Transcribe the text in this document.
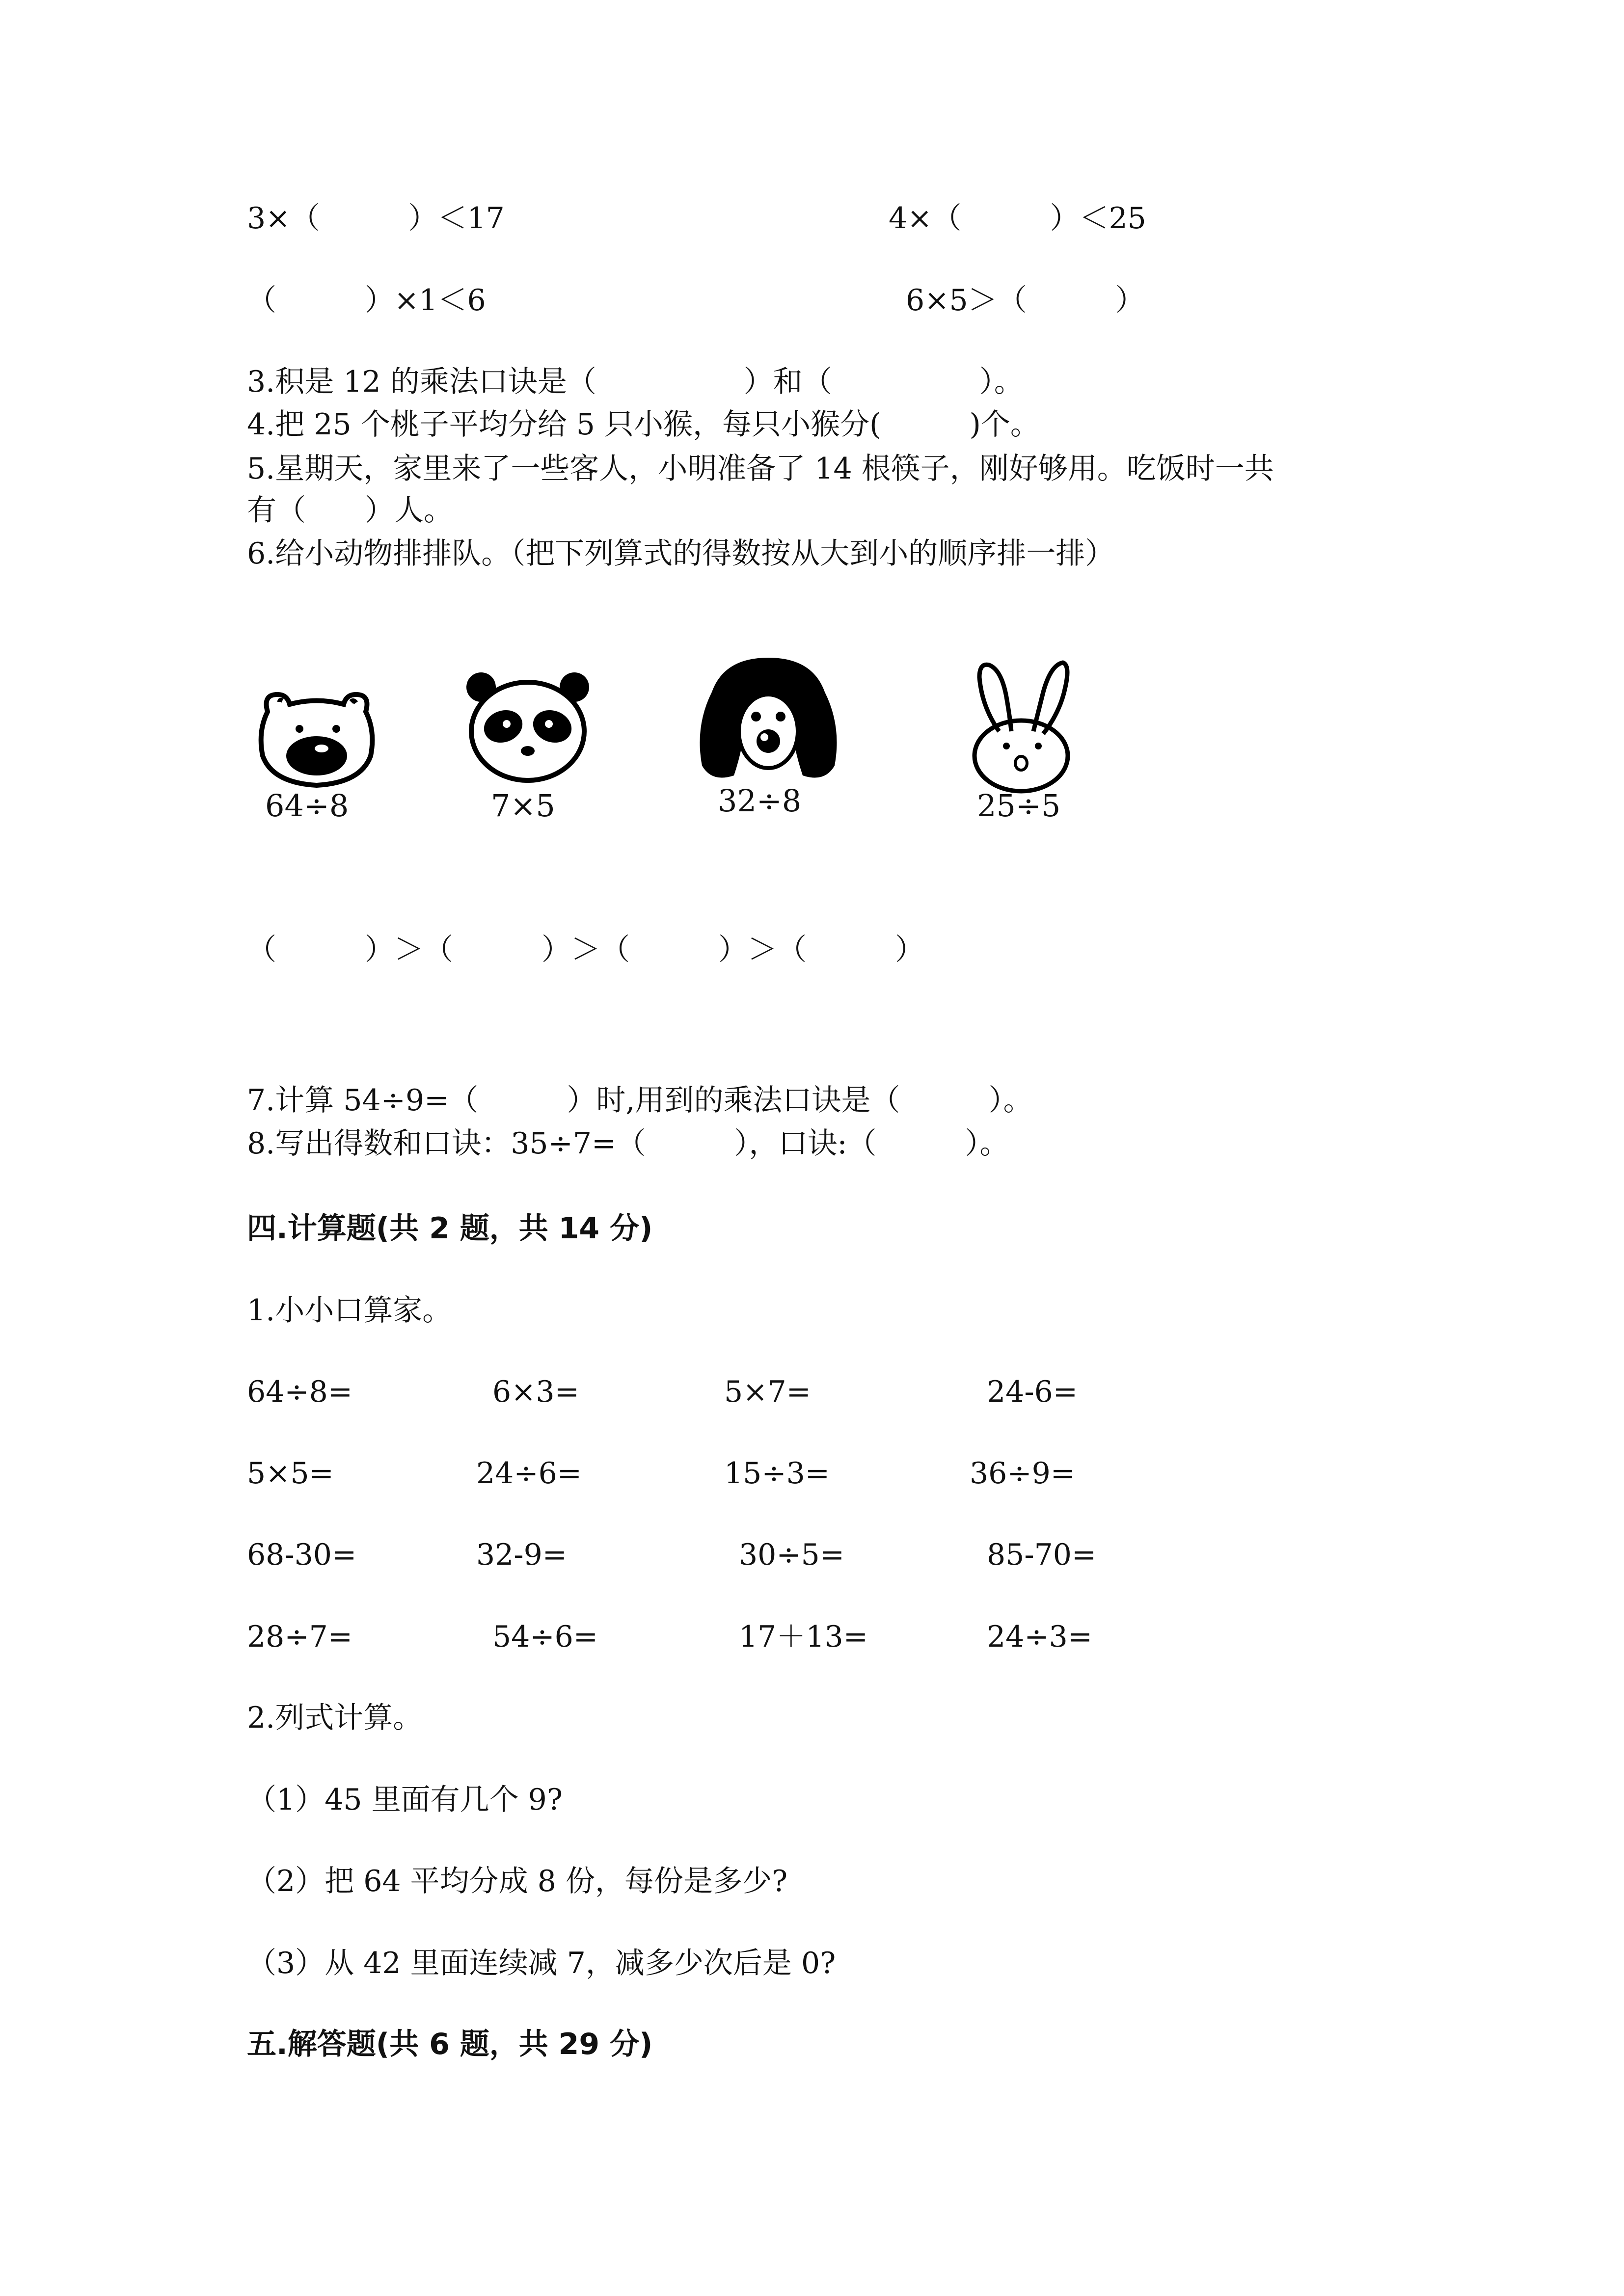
3×（　　　）＜17	4×（　　　）＜25
（　　　）×1＜6	6×5＞（　　　）
3.积是 12 的乘法口诀是（　　　　　）和（　　　　　）。
4.把 25 个桃子平均分给 5 只小猴，每只小猴分(　　　)个。
5.星期天，家里来了一些客人，小明准备了 14 根筷子，刚好够用。吃饭时一共
有（　　）人。
6.给小动物排排队。（把下列算式的得数按从大到小的顺序排一排）
64÷8	7×5	32÷8	25÷5
（　　　）＞（　　　）＞（　　　）＞（　　　）
7.计算 54÷9=（　　　）时,用到的乘法口诀是（　　　）。
8.写出得数和口诀：35÷7=（　　　），口诀:（　　　）。
四.计算题(共 2 题，共 14 分)
1.小小口算家。
64÷8=	6×3=	5×7=	24-6=
5×5=	24÷6=	15÷3=	36÷9=
68-30=	32-9=	30÷5=	85-70=
28÷7=	54÷6=	17＋13=	24÷3=
2.列式计算。
（1）45 里面有几个 9?
（2）把 64 平均分成 8 份，每份是多少?
（3）从 42 里面连续减 7，减多少次后是 0?
五.解答题(共 6 题，共 29 分)
